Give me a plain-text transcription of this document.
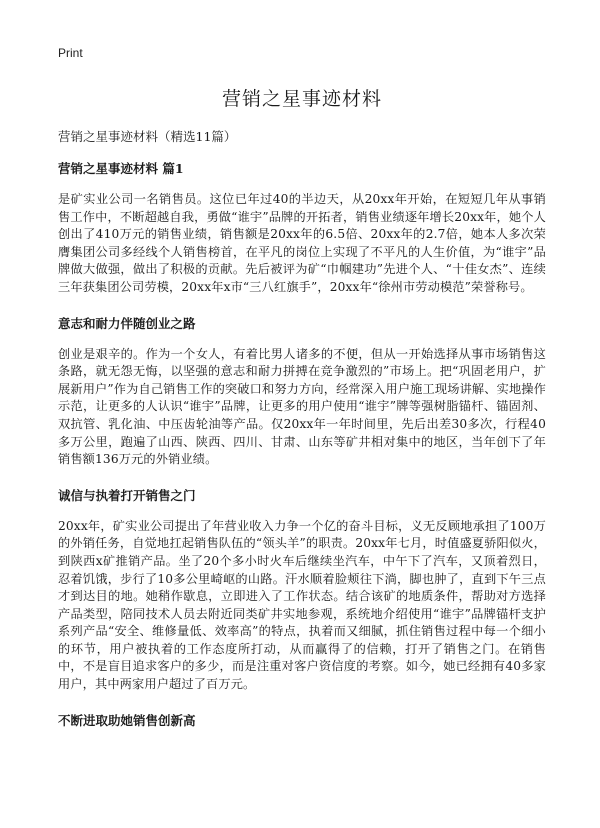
Print
营销之星事迹材料
营销之星事迹材料（精选11篇）
营销之星事迹材料 篇1

是矿实业公司一名销售员。这位已年过40的半边天，从20xx年开始，在短短几年从事销售工作中，不断超越自我，勇做“谁宇”品牌的开拓者，销售业绩逐年增长20xx年，她个人创出了410万元的销售业绩，销售额是20xx年的6.5倍、20xx年的2.7倍，她本人多次荣膺集团公司多经线个人销售榜首，在平凡的岗位上实现了不平凡的人生价值，为“谁宇”品牌做大做强，做出了积极的贡献。先后被评为矿“巾帼建功”先进个人、“十佳女杰”、连续三年获集团公司劳模，20xx年x市“三八红旗手”，20xx年“徐州市劳动模范”荣誉称号。

意志和耐力伴随创业之路

创业是艰辛的。作为一个女人，有着比男人诸多的不便，但从一开始选择从事市场销售这条路，就无怨无悔，以坚强的意志和耐力拼搏在竞争激烈的”市场上。把“巩固老用户，扩展新用户”作为自己销售工作的突破口和努力方向，经常深入用户施工现场讲解、实地操作示范，让更多的人认识“谁宇”品牌，让更多的用户使用“谁宇”牌等强树脂锚杆、锚固剂、双抗管、乳化油、中压齿轮油等产品。仅20xx年一年时间里，先后出差30多次，行程40多万公里，跑遍了山西、陕西、四川、甘肃、山东等矿井相对集中的地区，当年创下了年销售额136万元的外销业绩。

诚信与执着打开销售之门

20xx年，矿实业公司提出了年营业收入力争一个亿的奋斗目标，义无反顾地承担了100万的外销任务，自觉地扛起销售队伍的“领头羊”的职责。20xx年七月，时值盛夏骄阳似火，到陕西x矿推销产品。坐了20个多小时火车后继续坐汽车，中午下了汽车，又顶着烈日，忍着饥饿，步行了10多公里崎岖的山路。汗水顺着脸颊往下淌，脚也肿了，直到下午三点才到达目的地。她稍作歇息，立即进入了工作状态。结合该矿的地质条件，帮助对方选择产品类型，陪同技术人员去附近同类矿井实地参观，系统地介绍使用“谁宇”品牌锚杆支护系列产品“安全、维修量低、效率高”的特点，执着而又细腻，抓住销售过程中每一个细小的环节，用户被执着的工作态度所打动，从而赢得了的信赖，打开了销售之门。在销售中，不是盲目追求客户的多少，而是注重对客户资信度的考察。如今，她已经拥有40多家用户，其中两家用户超过了百万元。

不断进取助她销售创新高
